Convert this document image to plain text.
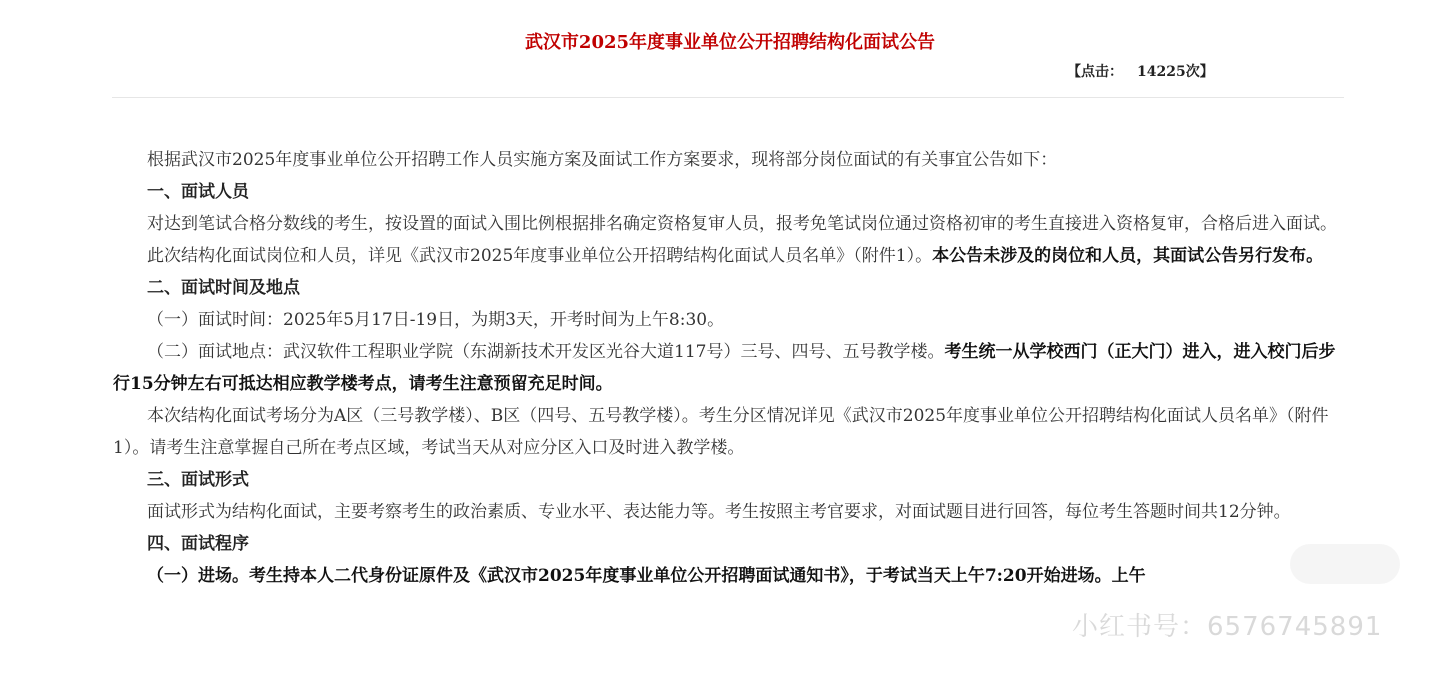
武汉市2025年度事业单位公开招聘结构化面试公告
【点击： 14225次】

根据武汉市2025年度事业单位公开招聘工作人员实施方案及面试工作方案要求，现将部分岗位面试的有关事宜公告如下：

一、面试人员

对达到笔试合格分数线的考生，按设置的面试入围比例根据排名确定资格复审人员，报考免笔试岗位通过资格初审的考生直接进入资格复审，合格后进入面试。

此次结构化面试岗位和人员，详见《武汉市2025年度事业单位公开招聘结构化面试人员名单》（附件1）。本公告未涉及的岗位和人员，其面试公告另行发布。

二、面试时间及地点

（一）面试时间：2025年5月17日-19日，为期3天，开考时间为上午8:30。

（二）面试地点：武汉软件工程职业学院（东湖新技术开发区光谷大道117号）三号、四号、五号教学楼。考生统一从学校西门（正大门）进入，进入校门后步行15分钟左右可抵达相应教学楼考点，请考生注意预留充足时间。

本次结构化面试考场分为A区（三号教学楼）、B区（四号、五号教学楼）。考生分区情况详见《武汉市2025年度事业单位公开招聘结构化面试人员名单》（附件1）。请考生注意掌握自己所在考点区域，考试当天从对应分区入口及时进入教学楼。

三、面试形式

面试形式为结构化面试，主要考察考生的政治素质、专业水平、表达能力等。考生按照主考官要求，对面试题目进行回答，每位考生答题时间共12分钟。

四、面试程序

（一）进场。考生持本人二代身份证原件及《武汉市2025年度事业单位公开招聘面试通知书》，于考试当天上午7:20开始进场。上午

小红书号：6576745891
